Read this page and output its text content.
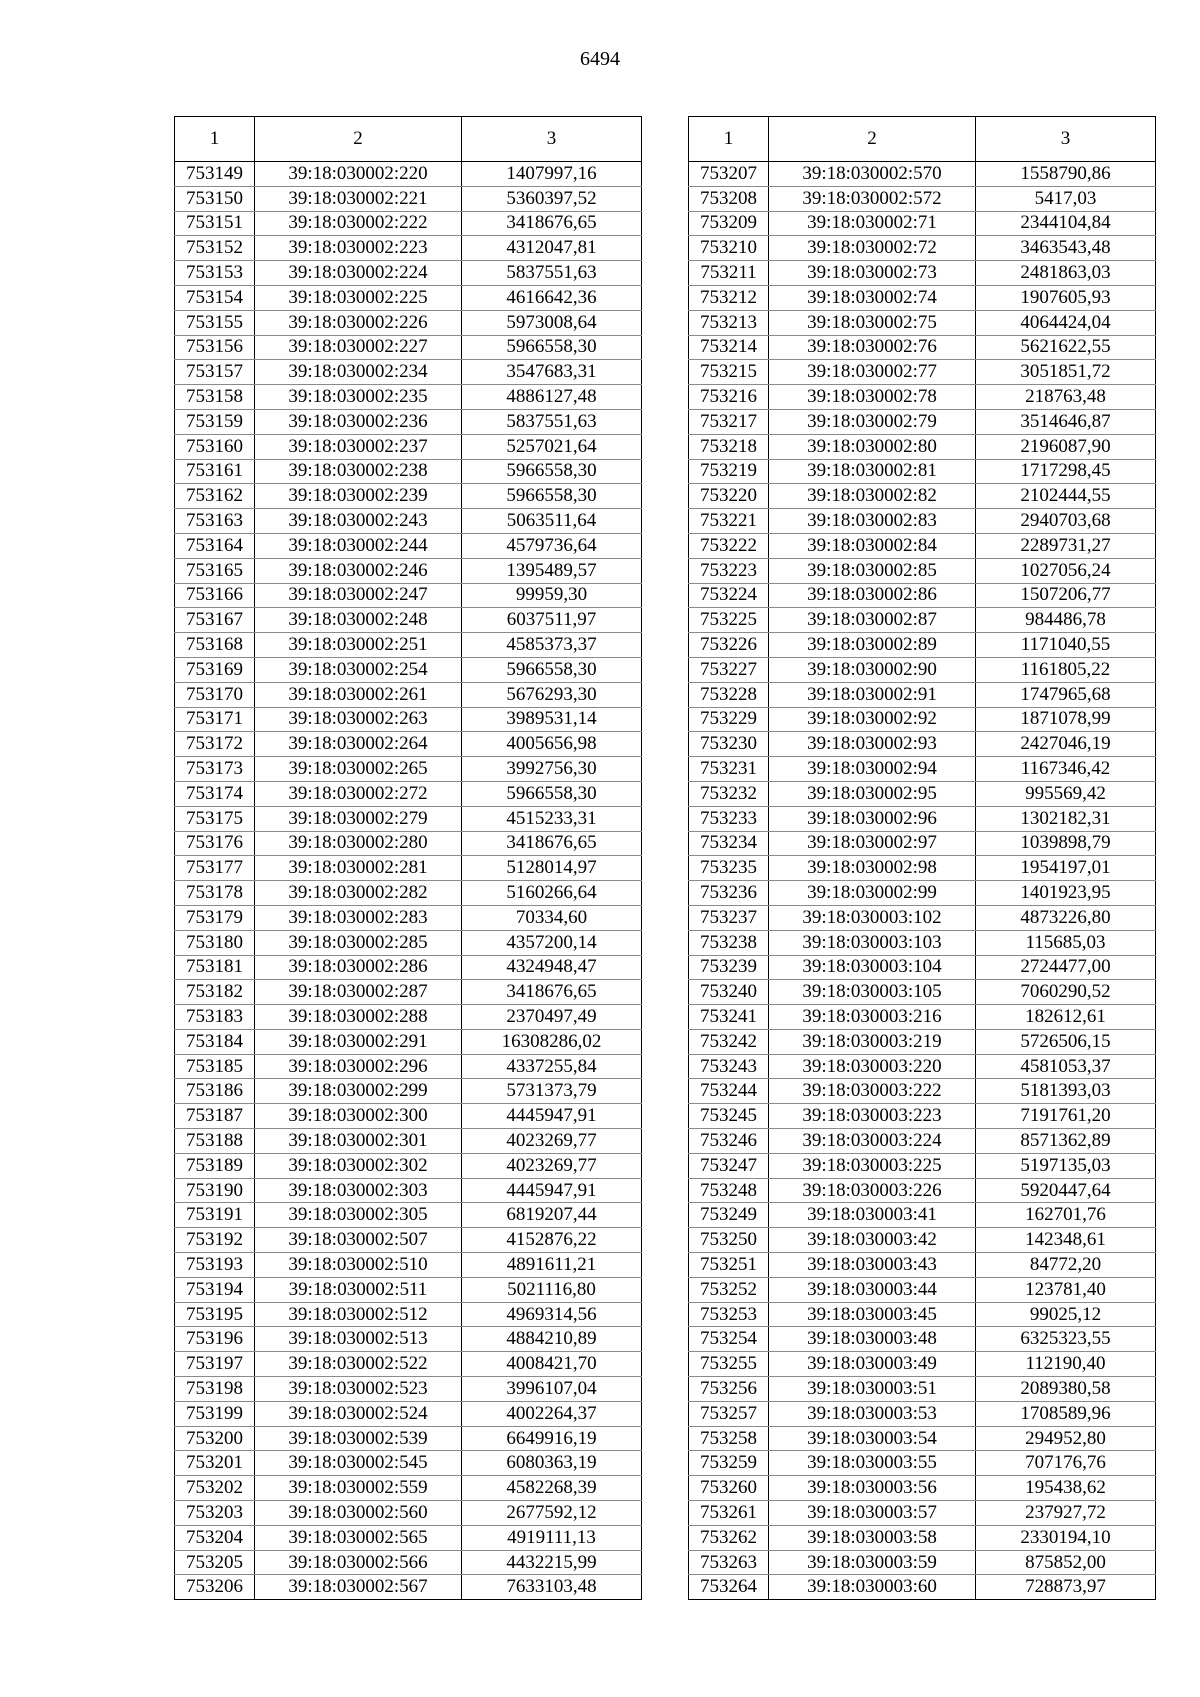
6494
1	2	3
753149	39:18:030002:220	1407997,16
753150	39:18:030002:221	5360397,52
753151	39:18:030002:222	3418676,65
753152	39:18:030002:223	4312047,81
753153	39:18:030002:224	5837551,63
753154	39:18:030002:225	4616642,36
753155	39:18:030002:226	5973008,64
753156	39:18:030002:227	5966558,30
753157	39:18:030002:234	3547683,31
753158	39:18:030002:235	4886127,48
753159	39:18:030002:236	5837551,63
753160	39:18:030002:237	5257021,64
753161	39:18:030002:238	5966558,30
753162	39:18:030002:239	5966558,30
753163	39:18:030002:243	5063511,64
753164	39:18:030002:244	4579736,64
753165	39:18:030002:246	1395489,57
753166	39:18:030002:247	99959,30
753167	39:18:030002:248	6037511,97
753168	39:18:030002:251	4585373,37
753169	39:18:030002:254	5966558,30
753170	39:18:030002:261	5676293,30
753171	39:18:030002:263	3989531,14
753172	39:18:030002:264	4005656,98
753173	39:18:030002:265	3992756,30
753174	39:18:030002:272	5966558,30
753175	39:18:030002:279	4515233,31
753176	39:18:030002:280	3418676,65
753177	39:18:030002:281	5128014,97
753178	39:18:030002:282	5160266,64
753179	39:18:030002:283	70334,60
753180	39:18:030002:285	4357200,14
753181	39:18:030002:286	4324948,47
753182	39:18:030002:287	3418676,65
753183	39:18:030002:288	2370497,49
753184	39:18:030002:291	16308286,02
753185	39:18:030002:296	4337255,84
753186	39:18:030002:299	5731373,79
753187	39:18:030002:300	4445947,91
753188	39:18:030002:301	4023269,77
753189	39:18:030002:302	4023269,77
753190	39:18:030002:303	4445947,91
753191	39:18:030002:305	6819207,44
753192	39:18:030002:507	4152876,22
753193	39:18:030002:510	4891611,21
753194	39:18:030002:511	5021116,80
753195	39:18:030002:512	4969314,56
753196	39:18:030002:513	4884210,89
753197	39:18:030002:522	4008421,70
753198	39:18:030002:523	3996107,04
753199	39:18:030002:524	4002264,37
753200	39:18:030002:539	6649916,19
753201	39:18:030002:545	6080363,19
753202	39:18:030002:559	4582268,39
753203	39:18:030002:560	2677592,12
753204	39:18:030002:565	4919111,13
753205	39:18:030002:566	4432215,99
753206	39:18:030002:567	7633103,48
1	2	3
753207	39:18:030002:570	1558790,86
753208	39:18:030002:572	5417,03
753209	39:18:030002:71	2344104,84
753210	39:18:030002:72	3463543,48
753211	39:18:030002:73	2481863,03
753212	39:18:030002:74	1907605,93
753213	39:18:030002:75	4064424,04
753214	39:18:030002:76	5621622,55
753215	39:18:030002:77	3051851,72
753216	39:18:030002:78	218763,48
753217	39:18:030002:79	3514646,87
753218	39:18:030002:80	2196087,90
753219	39:18:030002:81	1717298,45
753220	39:18:030002:82	2102444,55
753221	39:18:030002:83	2940703,68
753222	39:18:030002:84	2289731,27
753223	39:18:030002:85	1027056,24
753224	39:18:030002:86	1507206,77
753225	39:18:030002:87	984486,78
753226	39:18:030002:89	1171040,55
753227	39:18:030002:90	1161805,22
753228	39:18:030002:91	1747965,68
753229	39:18:030002:92	1871078,99
753230	39:18:030002:93	2427046,19
753231	39:18:030002:94	1167346,42
753232	39:18:030002:95	995569,42
753233	39:18:030002:96	1302182,31
753234	39:18:030002:97	1039898,79
753235	39:18:030002:98	1954197,01
753236	39:18:030002:99	1401923,95
753237	39:18:030003:102	4873226,80
753238	39:18:030003:103	115685,03
753239	39:18:030003:104	2724477,00
753240	39:18:030003:105	7060290,52
753241	39:18:030003:216	182612,61
753242	39:18:030003:219	5726506,15
753243	39:18:030003:220	4581053,37
753244	39:18:030003:222	5181393,03
753245	39:18:030003:223	7191761,20
753246	39:18:030003:224	8571362,89
753247	39:18:030003:225	5197135,03
753248	39:18:030003:226	5920447,64
753249	39:18:030003:41	162701,76
753250	39:18:030003:42	142348,61
753251	39:18:030003:43	84772,20
753252	39:18:030003:44	123781,40
753253	39:18:030003:45	99025,12
753254	39:18:030003:48	6325323,55
753255	39:18:030003:49	112190,40
753256	39:18:030003:51	2089380,58
753257	39:18:030003:53	1708589,96
753258	39:18:030003:54	294952,80
753259	39:18:030003:55	707176,76
753260	39:18:030003:56	195438,62
753261	39:18:030003:57	237927,72
753262	39:18:030003:58	2330194,10
753263	39:18:030003:59	875852,00
753264	39:18:030003:60	728873,97
